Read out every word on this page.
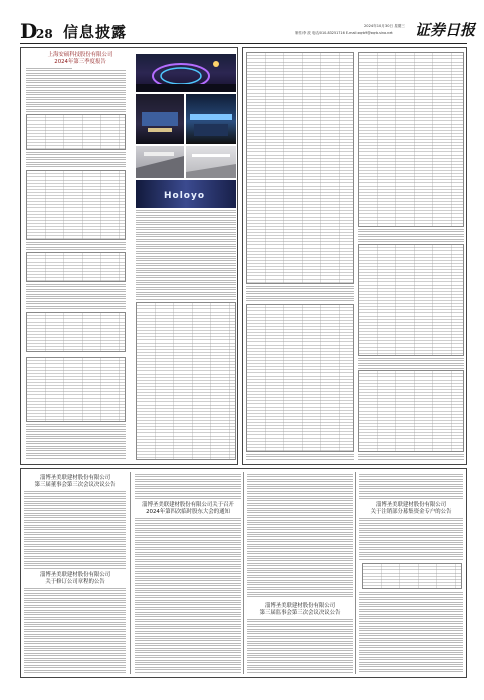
D
28 信息披露	2024年10月30日 星期三
制作/李 波 电话/010-83251716 E-mail:zqrb9@zqrb.sina.net 证券日报
上海安硕科技股份有限公司
2024年第三季度报告
Holoyo
淄博圣美联建材股份有限公司
第三届董事会第三次会议决议公告
淄博圣美联建材股份有限公司
关于修订公司章程的公告
淄博圣美联建材股份有限公司关于召开
2024年第四次临时股东大会的通知
淄博圣美联建材股份有限公司
第三届监事会第三次会议决议公告
淄博圣美联建材股份有限公司
关于注销部分募集资金专户的公告
